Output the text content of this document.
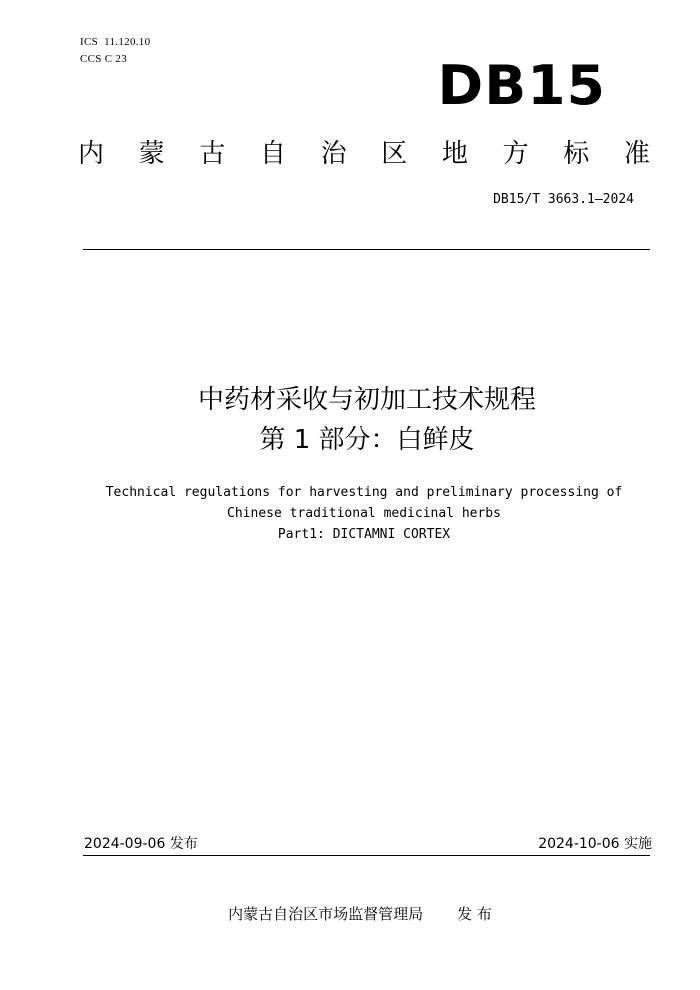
ICS  11.120.10
CCS C 23	DB15
内 蒙 古 自 治 区 地 方 标 准
DB15/T 3663.1—2024
中药材采收与初加工技术规程
第 1 部分：白鲜皮
Technical regulations for harvesting and preliminary processing of
Chinese traditional medicinal herbs
Part1: DICTAMNI CORTEX
2024-09-06 发布	2024-10-06 实施
内蒙古自治区市场监督管理局 发 布
